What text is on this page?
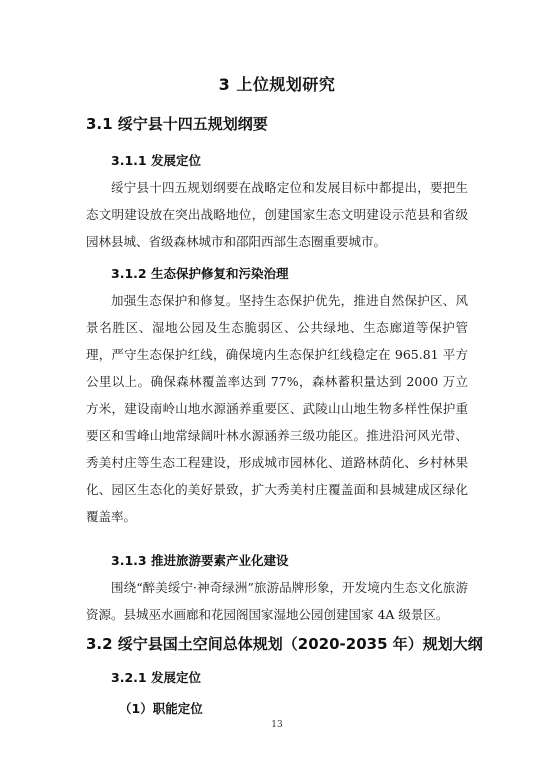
3 上位规划研究
3.1 绥宁县十四五规划纲要
3.1.1 发展定位
绥宁县十四五规划纲要在战略定位和发展目标中都提出，要把生态文明建设放在突出战略地位，创建国家生态文明建设示范县和省级园林县城、省级森林城市和邵阳西部生态圈重要城市。
3.1.2 生态保护修复和污染治理
加强生态保护和修复。坚持生态保护优先，推进自然保护区、风景名胜区、湿地公园及生态脆弱区、公共绿地、生态廊道等保护管理，严守生态保护红线，确保境内生态保护红线稳定在 965.81 平方公里以上。确保森林覆盖率达到 77%，森林蓄积量达到 2000 万立方米，建设南岭山地水源涵养重要区、武陵山山地生物多样性保护重要区和雪峰山地常绿阔叶林水源涵养三级功能区。推进沿河风光带、秀美村庄等生态工程建设，形成城市园林化、道路林荫化、乡村林果化、园区生态化的美好景致，扩大秀美村庄覆盖面和县城建成区绿化覆盖率。
3.1.3 推进旅游要素产业化建设
围绕“醉美绥宁·神奇绿洲”旅游品牌形象，开发境内生态文化旅游资源。县城巫水画廊和花园阁国家湿地公园创建国家 4A 级景区。
3.2 绥宁县国土空间总体规划（2020-2035 年）规划大纲
3.2.1 发展定位
（1）职能定位
13
